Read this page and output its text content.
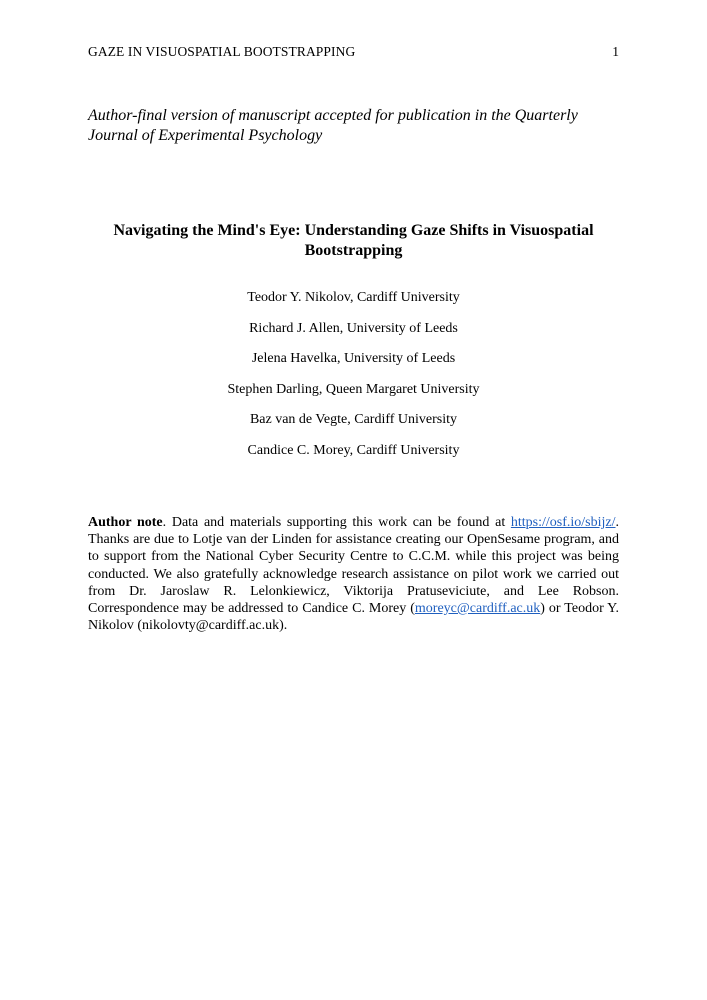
GAZE IN VISUOSPATIAL BOOTSTRAPPING	1
Author-final version of manuscript accepted for publication in the Quarterly Journal of Experimental Psychology
Navigating the Mind's Eye: Understanding Gaze Shifts in Visuospatial Bootstrapping
Teodor Y. Nikolov, Cardiff University
Richard J. Allen, University of Leeds
Jelena Havelka, University of Leeds
Stephen Darling, Queen Margaret University
Baz van de Vegte, Cardiff University
Candice C. Morey, Cardiff University
Author note. Data and materials supporting this work can be found at https://osf.io/sbijz/. Thanks are due to Lotje van der Linden for assistance creating our OpenSesame program, and to support from the National Cyber Security Centre to C.C.M. while this project was being conducted. We also gratefully acknowledge research assistance on pilot work we carried out from Dr. Jaroslaw R. Lelonkiewicz, Viktorija Pratuseviciute, and Lee Robson. Correspondence may be addressed to Candice C. Morey (moreyc@cardiff.ac.uk) or Teodor Y. Nikolov (nikolovty@cardiff.ac.uk).
